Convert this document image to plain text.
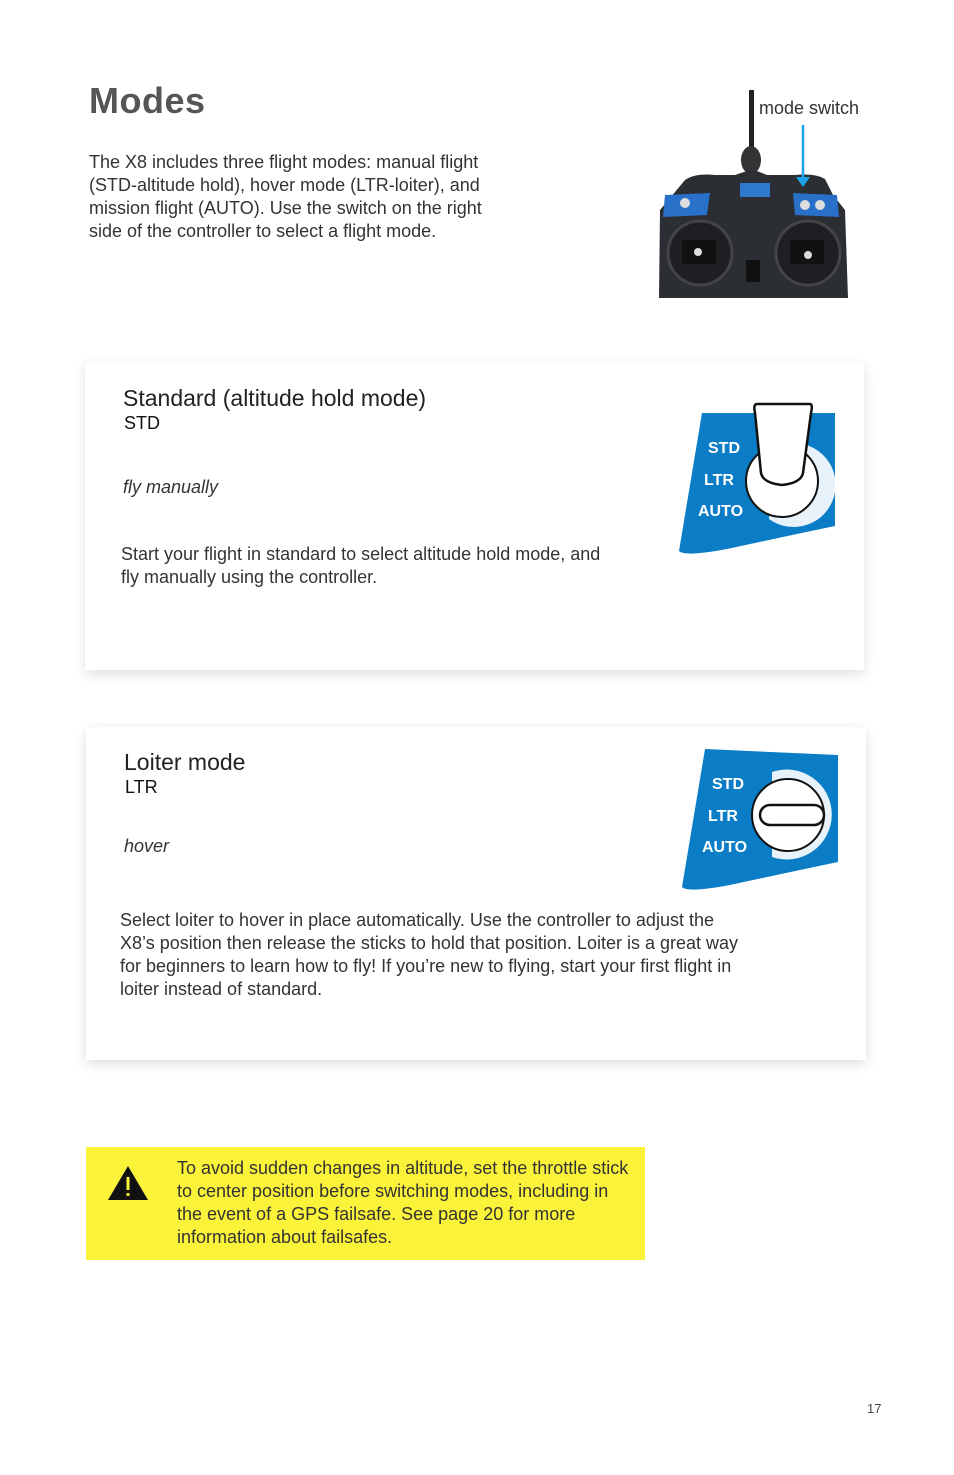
Modes
The X8 includes three flight modes: manual flight (STD-altitude hold), hover mode (LTR-loiter), and mission flight (AUTO). Use the switch on the right side of the controller to select a flight mode.
mode switch
Standard (altitude hold mode)
STD
fly manually
Start your flight in standard to select altitude hold mode, and fly manually using the controller.
STD
LTR
AUTO
Loiter mode
LTR
hover
Select loiter to hover in place automatically. Use the controller to adjust the X8’s position then release the sticks to hold that position. Loiter is a great way for beginners to learn how to fly! If you’re new to flying, start your first flight in loiter instead of standard.
STD
LTR
AUTO
To avoid sudden changes in altitude, set the throttle stick to center position before switching modes, including in the event of a GPS failsafe. See page 20 for more information about failsafes.
17
